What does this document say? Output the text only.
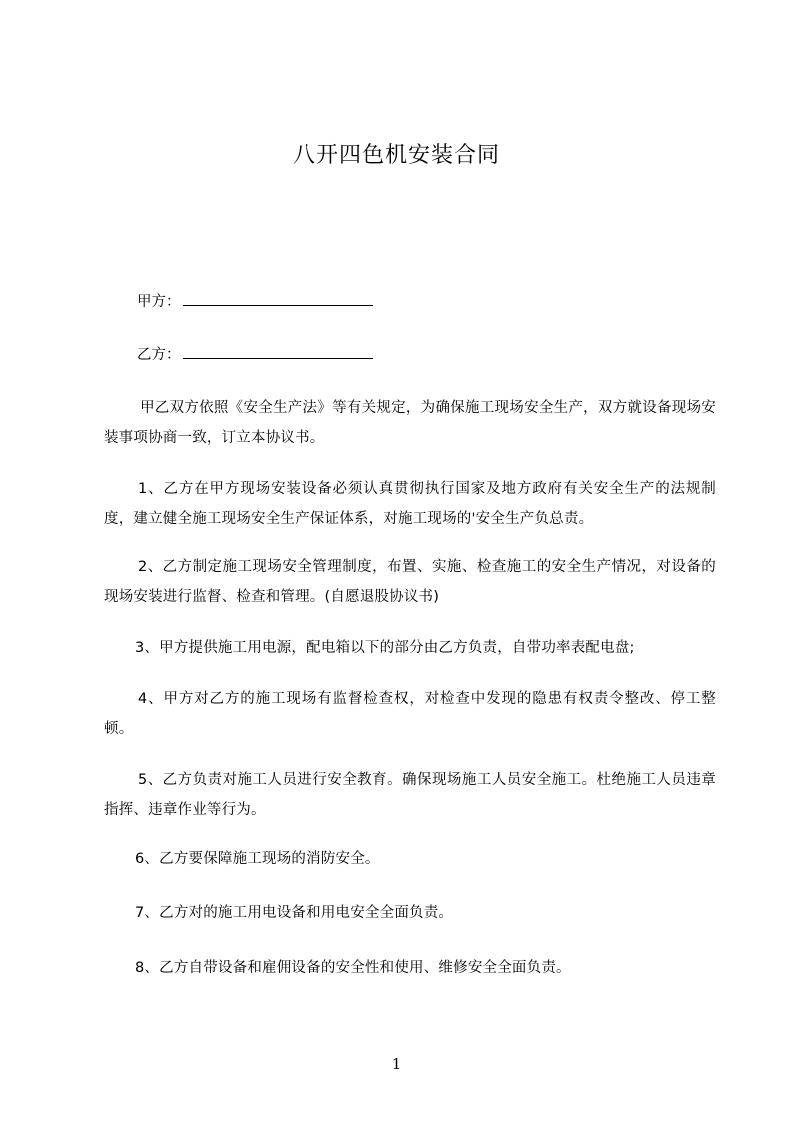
八开四色机安装合同
甲方：
乙方：
甲乙双方依照《安全生产法》等有关规定，为确保施工现场安全生产，双方就设备现场安装事项协商一致，订立本协议书。
1、乙方在甲方现场安装设备必须认真贯彻执行国家及地方政府有关安全生产的法规制度，建立健全施工现场安全生产保证体系，对施工现场的'安全生产负总责。
2、乙方制定施工现场安全管理制度，布置、实施、检查施工的安全生产情况，对设备的现场安装进行监督、检查和管理。(自愿退股协议书)
3、甲方提供施工用电源，配电箱以下的部分由乙方负责，自带功率表配电盘;
4、甲方对乙方的施工现场有监督检查权，对检查中发现的隐患有权责令整改、停工整顿。
5、乙方负责对施工人员进行安全教育。确保现场施工人员安全施工。杜绝施工人员违章指挥、违章作业等行为。
6、乙方要保障施工现场的消防安全。
7、乙方对的施工用电设备和用电安全全面负责。
8、乙方自带设备和雇佣设备的安全性和使用、维修安全全面负责。
1
